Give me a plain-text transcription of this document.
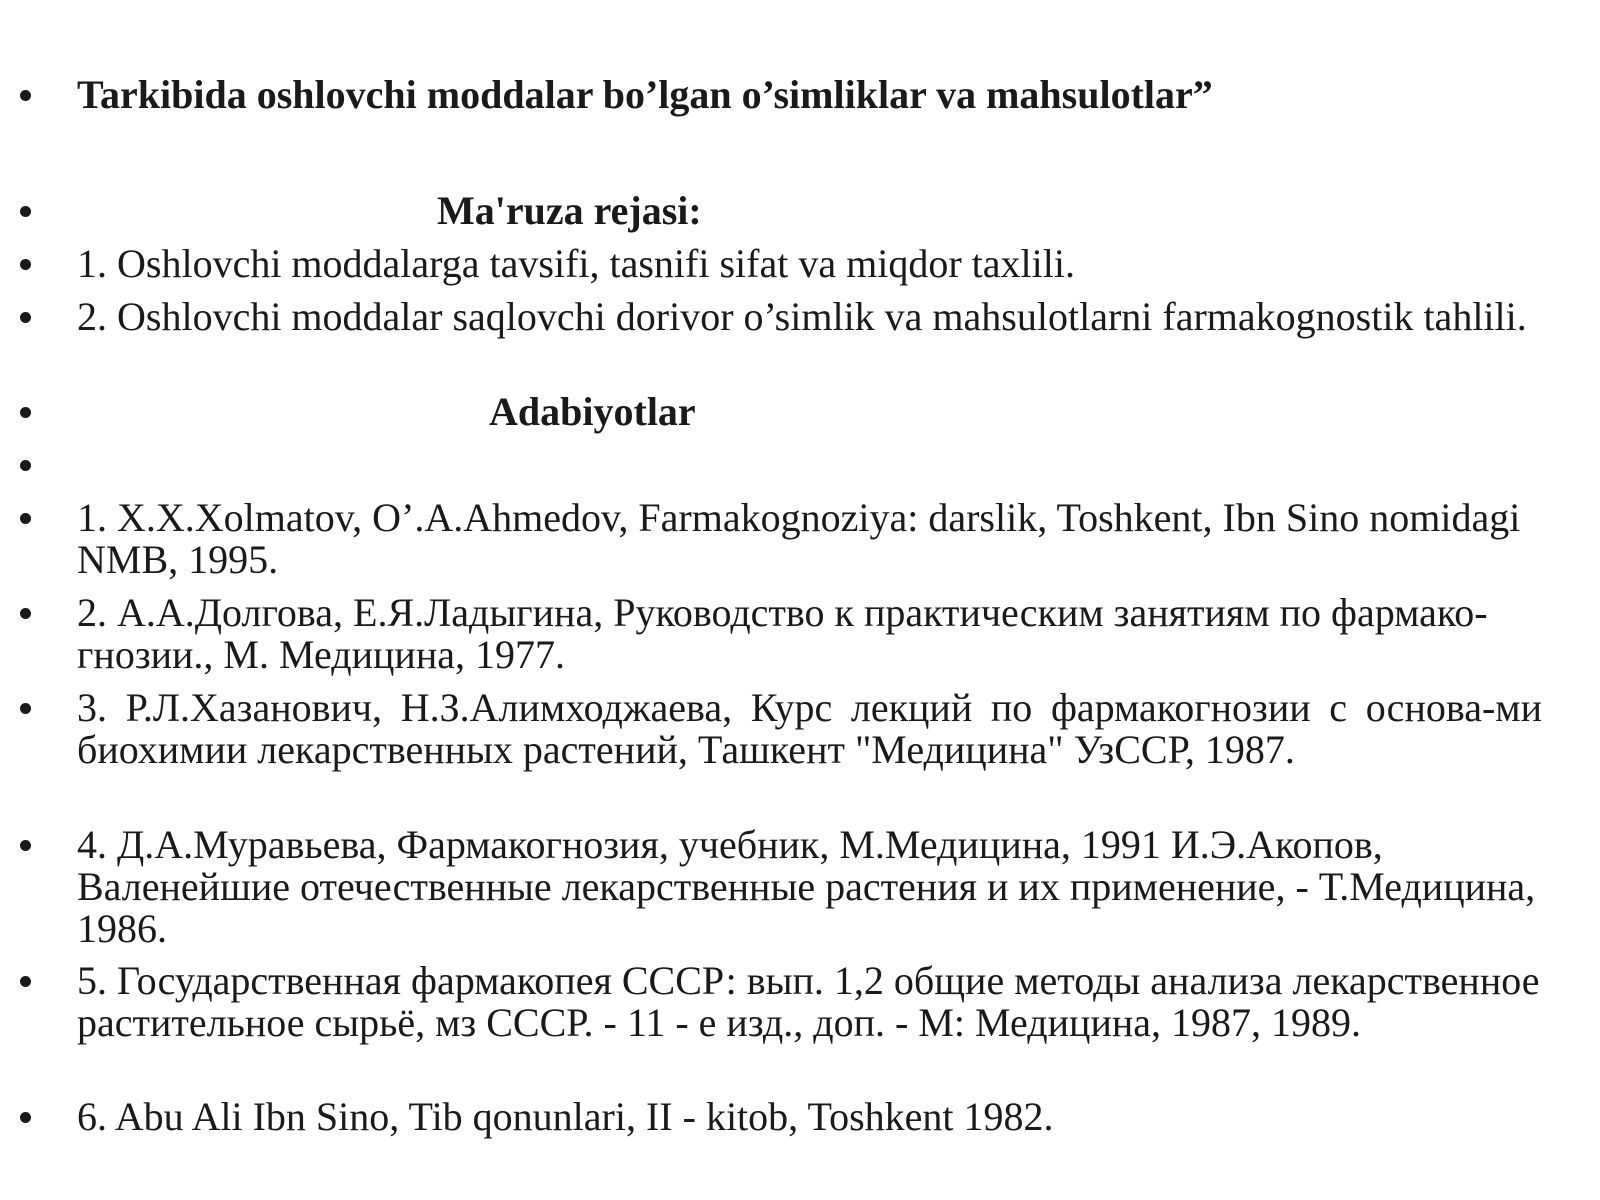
Tarkibida oshlovchi moddalar bo’lgan o’simliklar va mahsulotlar”
Ma'ruza rejasi:
1. Oshlovchi moddalarga tavsifi, tasnifi sifat va miqdor taxlili.
2. Oshlovchi moddalar saqlovchi dorivor o’simlik va mahsulotlarni farmakognostik tahlili.
Adabiyotlar
1. X.X.Xolmatov, O’.A.Ahmedov, Farmakognoziya: darslik, Toshkent, Ibn Sino nomidagi NMB, 1995.
2. А.А.Долгова, Е.Я.Ладыгина, Руководство к практическим занятиям по фармако-гнозии., М. Медицина, 1977.
3. Р.Л.Хазанович, Н.З.Алимходжаева, Курс лекций по фармакогнозии с основа-ми биохимии лекарственных растений, Ташкент "Медицина" УзССР, 1987.
4. Д.А.Муравьева, Фармакогнозия, учебник, М.Медицина, 1991 И.Э.Акопов, Валенейшие отечественные лекарственные растения и их применение, - Т.Медицина, 1986.
5. Государственная фармакопея СССР: вып. 1,2 общие методы анализа лекарственное растительное сырьё, мз СССР. - 11 - е изд., доп. - М: Медицина, 1987, 1989.
6. Abu Ali Ibn Sino, Tib qonunlari, II - kitob, Toshkent 1982.
